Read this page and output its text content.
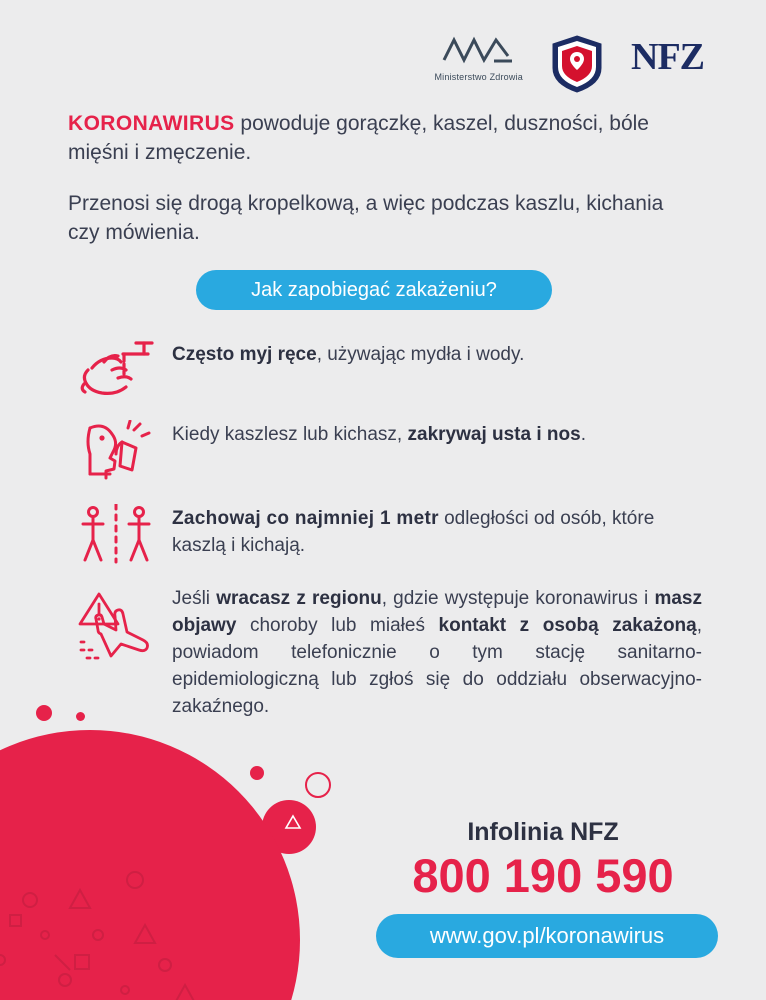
Ministerstwo Zdrowia	NFZ

KORONAWIRUS powoduje gorączkę, kaszel, duszności, bóle mięśni i zmęczenie.

Przenosi się drogą kropelkową, a więc podczas kaszlu, kichania czy mówienia.

Jak zapobiegać zakażeniu?
Często myj ręce, używając mydła i wody.
Kiedy kaszlesz lub kichasz, zakrywaj usta i nos.
Zachowaj co najmniej 1 metr odległości od osób, które kaszlą i kichają.
Jeśli wracasz z regionu, gdzie występuje koronawirus i masz objawy choroby lub miałeś kontakt z osobą zakażoną, powiadom telefonicznie o tym stację sanitarno-epidemiologiczną lub zgłoś się do oddziału obserwacyjno-zakaźnego.
Infolinia NFZ
800 190 590
www.gov.pl/koronawirus
